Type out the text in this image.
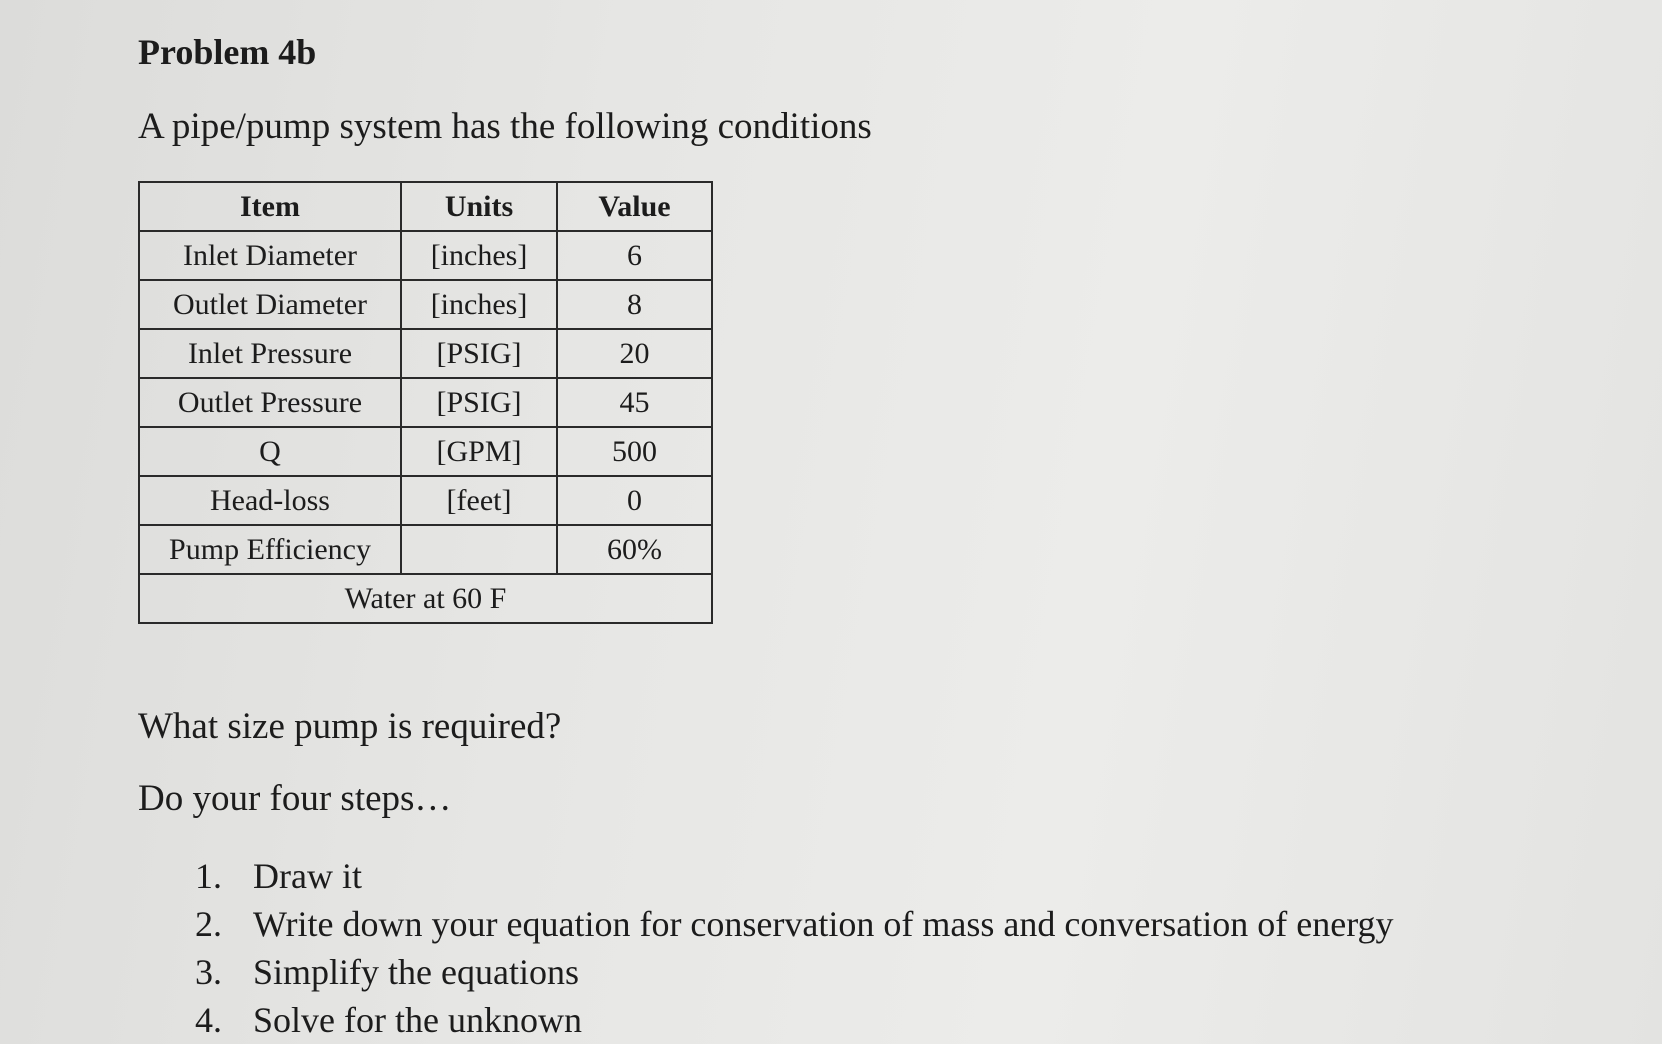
Problem 4b

A pipe/pump system has the following conditions

Item	Units	Value
Inlet Diameter	[inches]	6
Outlet Diameter	[inches]	8
Inlet Pressure	[PSIG]	20
Outlet Pressure	[PSIG]	45
Q	[GPM]	500
Head-loss	[feet]	0
Pump Efficiency		60%
Water at 60 F		

What size pump is required?

Do your four steps…

1. Draw it
2. Write down your equation for conservation of mass and conversation of energy
3. Simplify the equations
4. Solve for the unknown
